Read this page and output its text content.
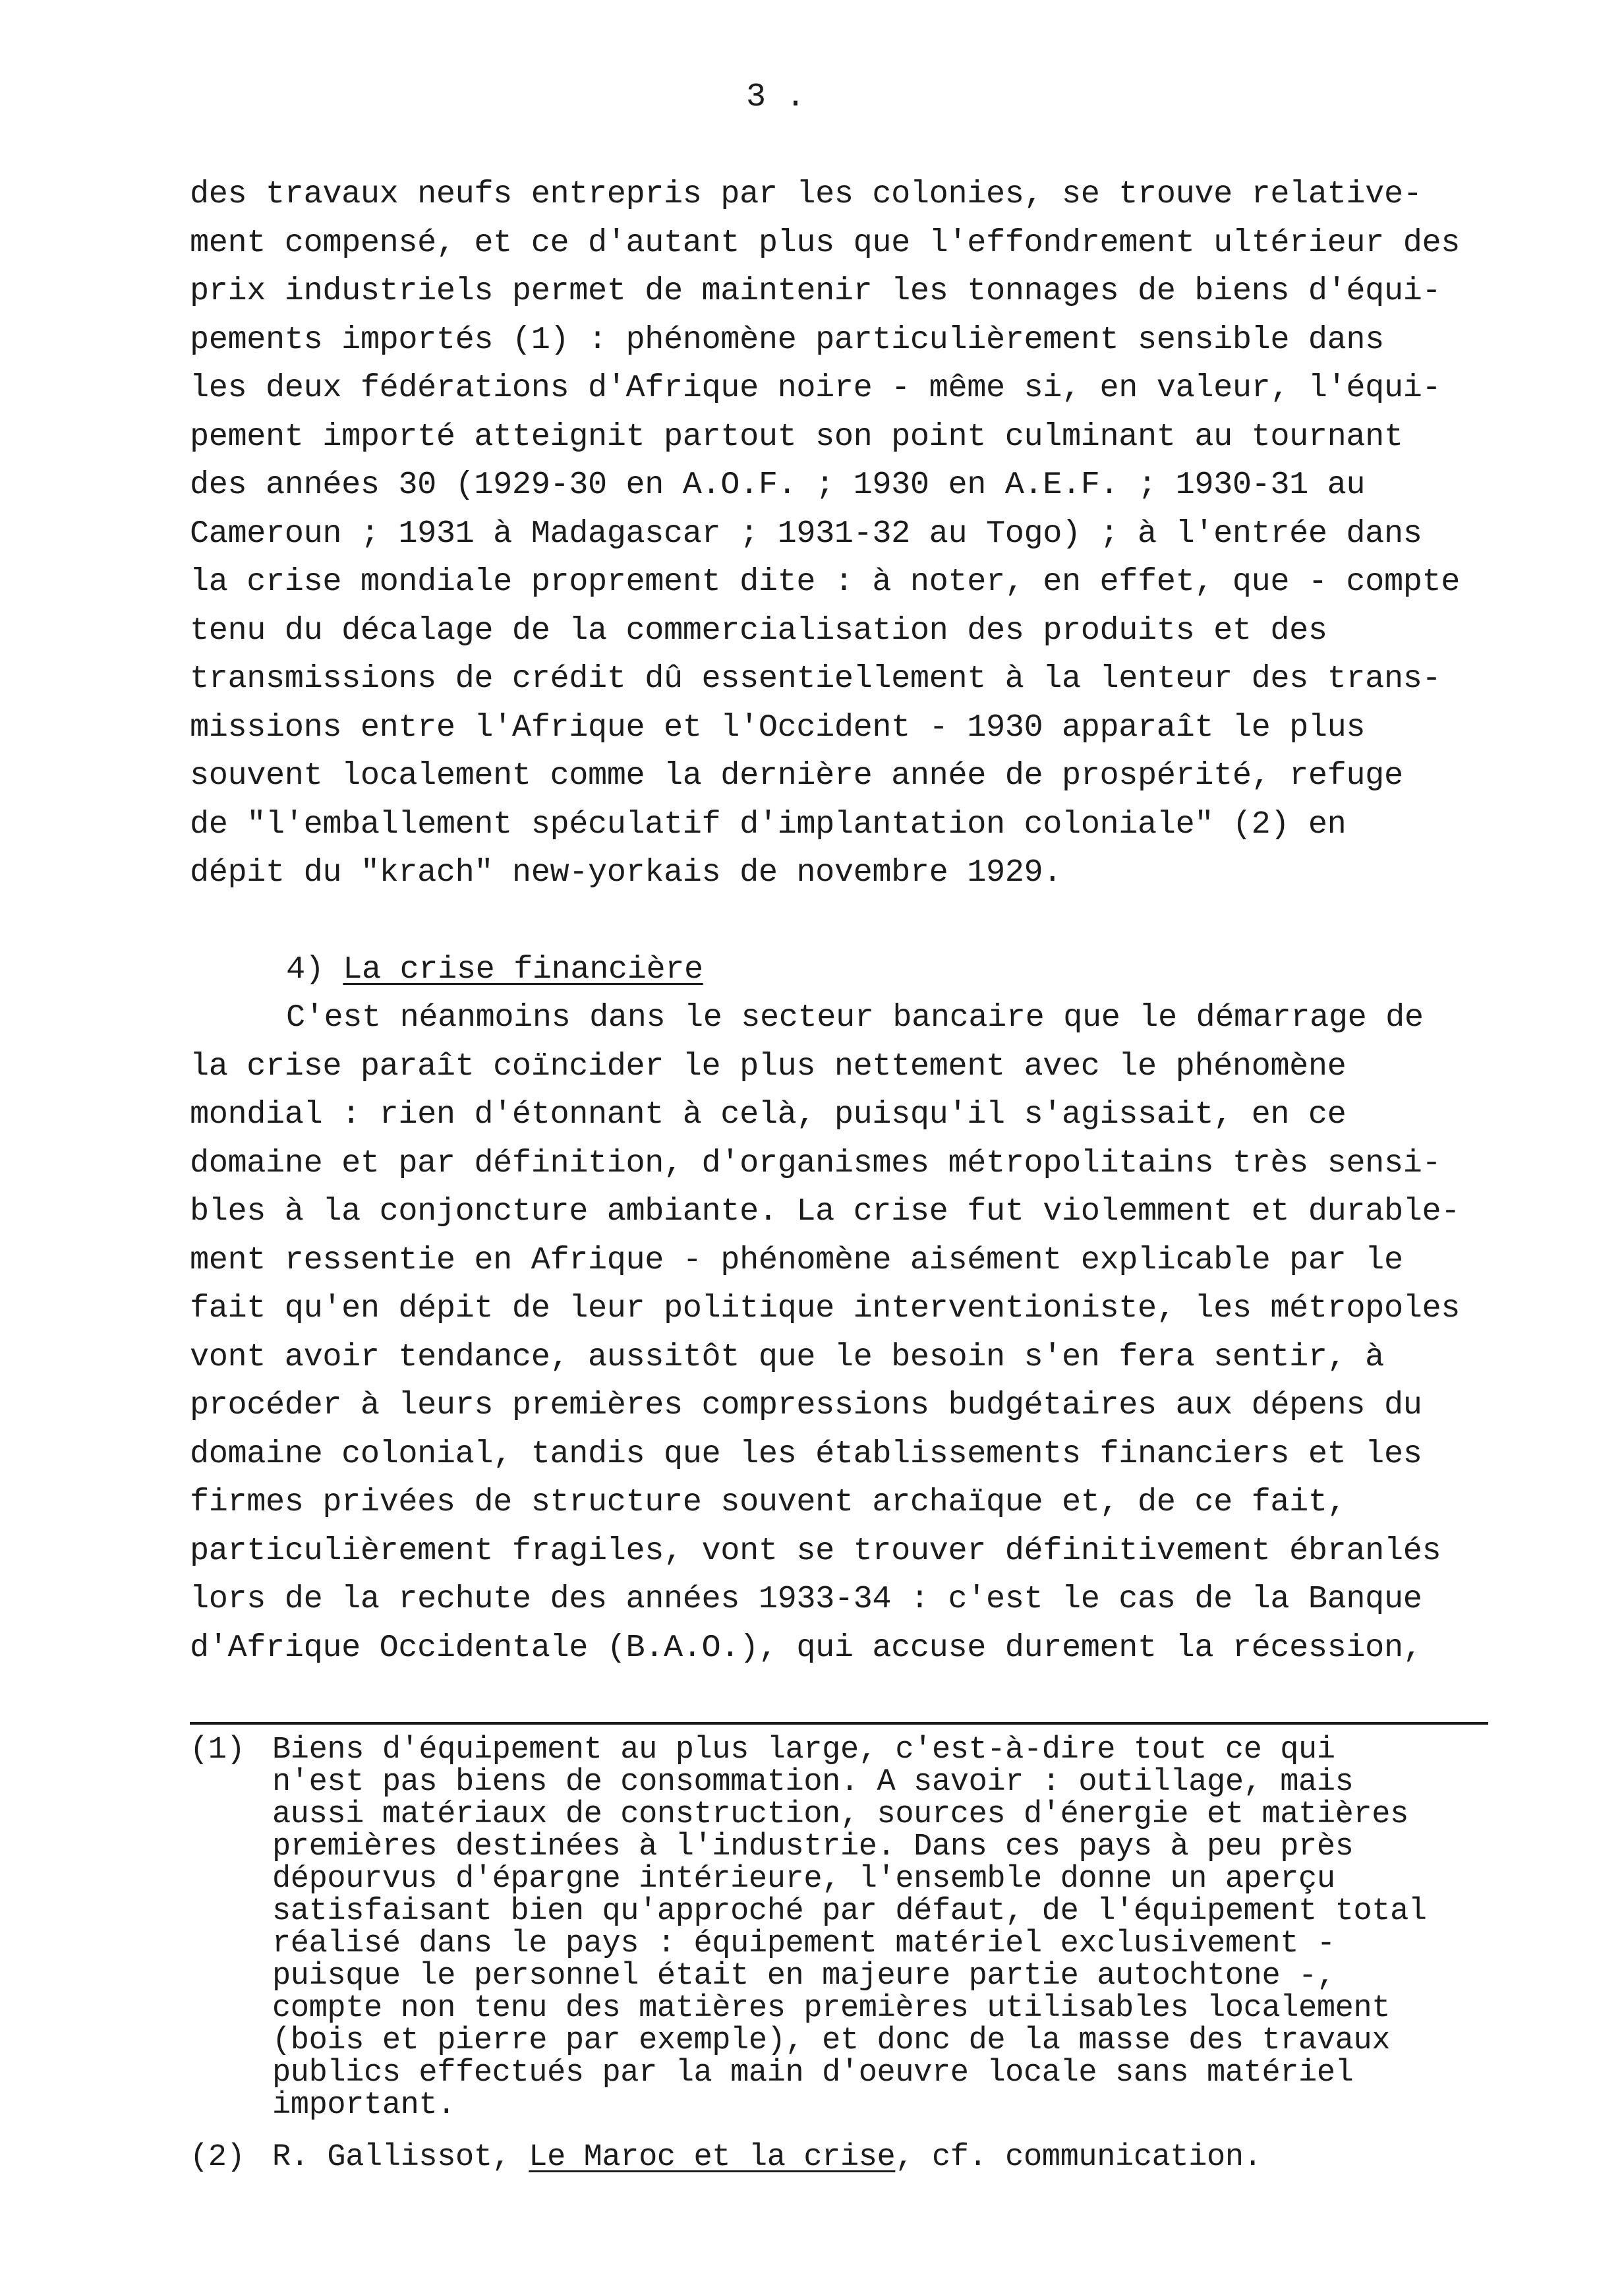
3 .
des travaux neufs entrepris par les colonies, se trouve relative-
ment compensé, et ce d'autant plus que l'effondrement ultérieur des
prix industriels permet de maintenir les tonnages de biens d'équi-
pements importés (1) : phénomène particulièrement sensible dans
les deux fédérations d'Afrique noire - même si, en valeur, l'équi-
pement importé atteignit partout son point culminant au tournant
des années 30 (1929-30 en A.O.F. ; 1930 en A.E.F. ; 1930-31 au
Cameroun ; 1931 à Madagascar ; 1931-32 au Togo) ; à l'entrée dans
la crise mondiale proprement dite : à noter, en effet, que - compte
tenu du décalage de la commercialisation des produits et des
transmissions de crédit dû essentiellement à la lenteur des trans-
missions entre l'Afrique et l'Occident - 1930 apparaît le plus
souvent localement comme la dernière année de prospérité, refuge
de "l'emballement spéculatif d'implantation coloniale" (2) en
dépit du "krach" new-yorkais de novembre 1929.
4) La crise financière
C'est néanmoins dans le secteur bancaire que le démarrage de
la crise paraît coïncider le plus nettement avec le phénomène
mondial : rien d'étonnant à celà, puisqu'il s'agissait, en ce
domaine et par définition, d'organismes métropolitains très sensi-
bles à la conjoncture ambiante. La crise fut violemment et durable-
ment ressentie en Afrique - phénomène aisément explicable par le
fait qu'en dépit de leur politique interventioniste, les métropoles
vont avoir tendance, aussitôt que le besoin s'en fera sentir, à
procéder à leurs premières compressions budgétaires aux dépens du
domaine colonial, tandis que les établissements financiers et les
firmes privées de structure souvent archaïque et, de ce fait,
particulièrement fragiles, vont se trouver définitivement ébranlés
lors de la rechute des années 1933-34 : c'est le cas de la Banque
d'Afrique Occidentale (B.A.O.), qui accuse durement la récession,
(1) Biens d'équipement au plus large, c'est-à-dire tout ce qui
n'est pas biens de consommation. A savoir : outillage, mais
aussi matériaux de construction, sources d'énergie et matières
premières destinées à l'industrie. Dans ces pays à peu près
dépourvus d'épargne intérieure, l'ensemble donne un aperçu
satisfaisant bien qu'approché par défaut, de l'équipement total
réalisé dans le pays : équipement matériel exclusivement -
puisque le personnel était en majeure partie autochtone -,
compte non tenu des matières premières utilisables localement
(bois et pierre par exemple), et donc de la masse des travaux
publics effectués par la main d'oeuvre locale sans matériel
important.
(2) R. Gallissot, Le Maroc et la crise, cf. communication.
